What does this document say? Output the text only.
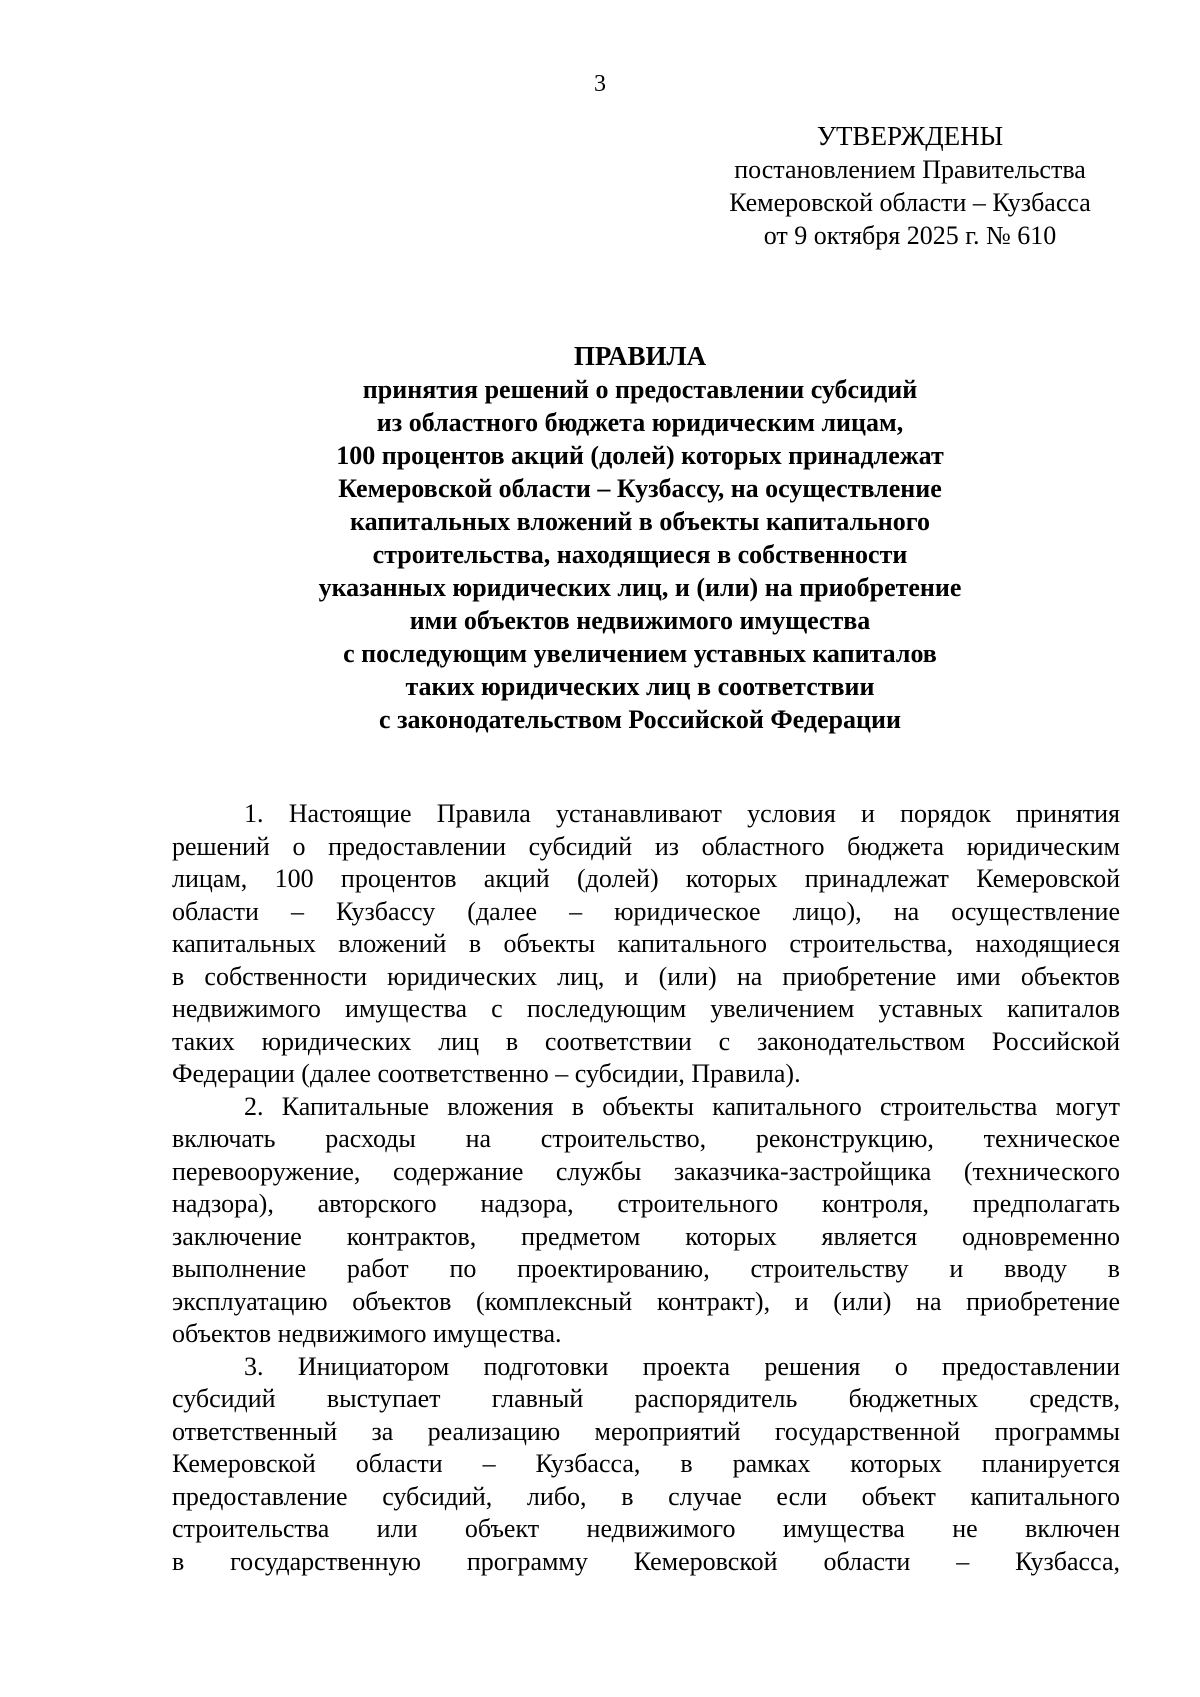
3
УТВЕРЖДЕНЫ
постановлением Правительства
Кемеровской области – Кузбасса
от 9 октября 2025 г. № 610
ПРАВИЛА
принятия решений о предоставлении субсидий
из областного бюджета юридическим лицам,
100 процентов акций (долей) которых принадлежат
Кемеровской области – Кузбассу, на осуществление
капитальных вложений в объекты капитального
строительства, находящиеся в собственности
указанных юридических лиц, и (или) на приобретение
ими объектов недвижимого имущества
с последующим увеличением уставных капиталов
таких юридических лиц в соответствии
с законодательством Российской Федерации
1. Настоящие Правила устанавливают условия и порядок принятия
решений о предоставлении субсидий из областного бюджета юридическим
лицам, 100 процентов акций (долей) которых принадлежат Кемеровской
области – Кузбассу (далее – юридическое лицо), на осуществление
капитальных вложений в объекты капитального строительства, находящиеся
в собственности юридических лиц, и (или) на приобретение ими объектов
недвижимого имущества с последующим увеличением уставных капиталов
таких юридических лиц в соответствии с законодательством Российской
Федерации (далее соответственно – субсидии, Правила).
2. Капитальные вложения в объекты капитального строительства могут
включать расходы на строительство, реконструкцию, техническое
перевооружение, содержание службы заказчика-застройщика (технического
надзора), авторского надзора, строительного контроля, предполагать
заключение контрактов, предметом которых является одновременно
выполнение работ по проектированию, строительству и вводу в
эксплуатацию объектов (комплексный контракт), и (или) на приобретение
объектов недвижимого имущества.
3. Инициатором подготовки проекта решения о предоставлении
субсидий выступает главный распорядитель бюджетных средств,
ответственный за реализацию мероприятий государственной программы
Кемеровской области – Кузбасса, в рамках которых планируется
предоставление субсидий, либо, в случае если объект капитального
строительства или объект недвижимого имущества не включен
в государственную программу Кемеровской области – Кузбасса,
